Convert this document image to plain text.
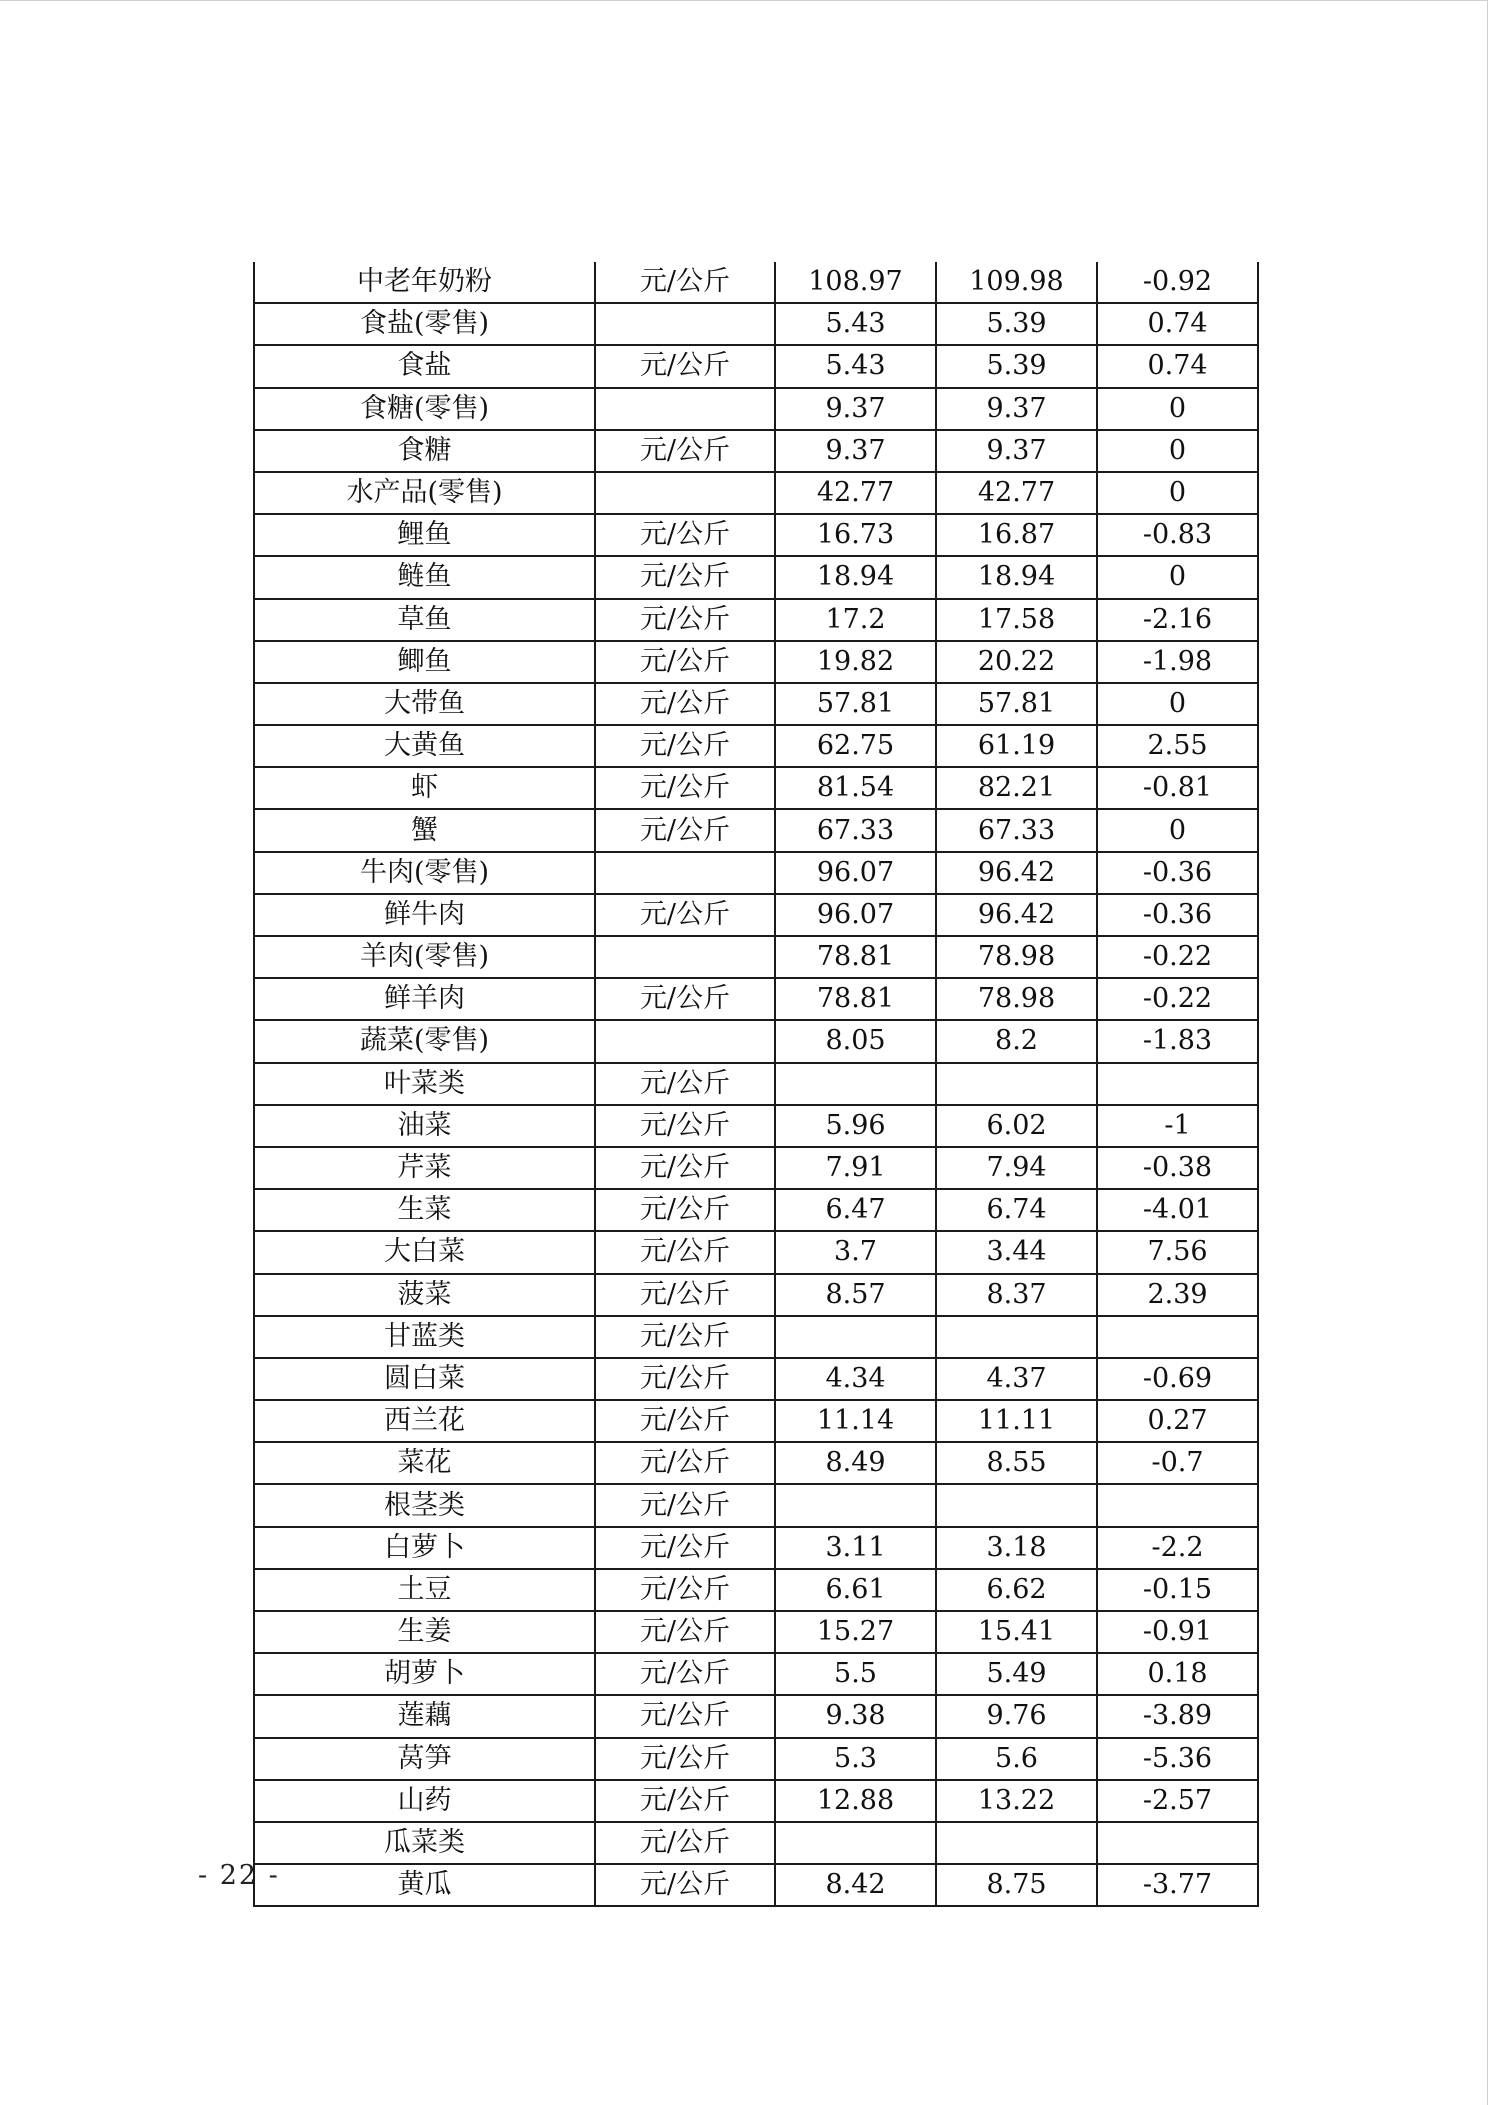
中老年奶粉	元/公斤	108.97	109.98	-0.92
食盐(零售)		5.43	5.39	0.74
食盐	元/公斤	5.43	5.39	0.74
食糖(零售)		9.37	9.37	0
食糖	元/公斤	9.37	9.37	0
水产品(零售)		42.77	42.77	0
鲤鱼	元/公斤	16.73	16.87	-0.83
鲢鱼	元/公斤	18.94	18.94	0
草鱼	元/公斤	17.2	17.58	-2.16
鲫鱼	元/公斤	19.82	20.22	-1.98
大带鱼	元/公斤	57.81	57.81	0
大黄鱼	元/公斤	62.75	61.19	2.55
虾	元/公斤	81.54	82.21	-0.81
蟹	元/公斤	67.33	67.33	0
牛肉(零售)		96.07	96.42	-0.36
鲜牛肉	元/公斤	96.07	96.42	-0.36
羊肉(零售)		78.81	78.98	-0.22
鲜羊肉	元/公斤	78.81	78.98	-0.22
蔬菜(零售)		8.05	8.2	-1.83
叶菜类	元/公斤			
油菜	元/公斤	5.96	6.02	-1
芹菜	元/公斤	7.91	7.94	-0.38
生菜	元/公斤	6.47	6.74	-4.01
大白菜	元/公斤	3.7	3.44	7.56
菠菜	元/公斤	8.57	8.37	2.39
甘蓝类	元/公斤			
圆白菜	元/公斤	4.34	4.37	-0.69
西兰花	元/公斤	11.14	11.11	0.27
菜花	元/公斤	8.49	8.55	-0.7
根茎类	元/公斤			
白萝卜	元/公斤	3.11	3.18	-2.2
土豆	元/公斤	6.61	6.62	-0.15
生姜	元/公斤	15.27	15.41	-0.91
胡萝卜	元/公斤	5.5	5.49	0.18
莲藕	元/公斤	9.38	9.76	-3.89
莴笋	元/公斤	5.3	5.6	-5.36
山药	元/公斤	12.88	13.22	-2.57
瓜菜类	元/公斤			
黄瓜	元/公斤	8.42	8.75	-3.77
- 22 -
